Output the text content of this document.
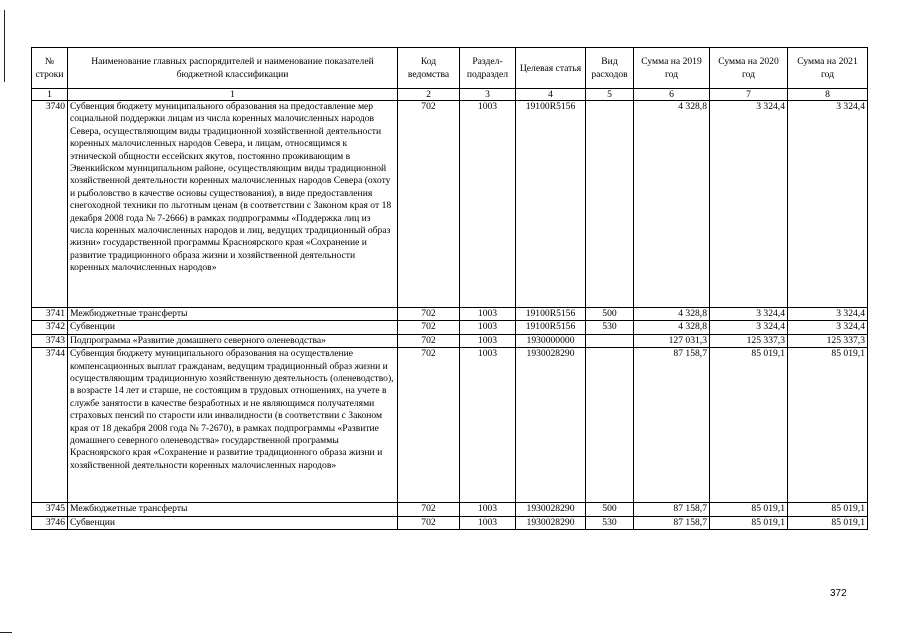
№ строки	Наименование главных распорядителей и наименование показателей бюджетной классификации	Код ведомства	Раздел-подраздел	Целевая статья	Вид расходов	Сумма на 2019 год	Сумма на 2020 год	Сумма на 2021 год
1	1	2	3	4	5	6	7	8
3740	Субвенция бюджету муниципального образования на предоставление мер социальной поддержки лицам из числа коренных малочисленных народов Севера, осуществляющим виды традиционной хозяйственной деятельности коренных малочисленных народов Севера, и лицам, относящимся к этнической общности ессейских якутов, постоянно проживающим в Эвенкийском муниципальном районе, осуществляющим виды традиционной хозяйственной деятельности коренных малочисленных народов Севера (охоту и рыболовство в качестве основы существования), в виде предоставления снегоходной техники по льготным ценам (в соответствии с Законом края от 18 декабря 2008 года № 7-2666) в рамках подпрограммы «Поддержка лиц из числа коренных малочисленных народов и лиц, ведущих традиционный образ жизни» государственной программы Красноярского края «Сохранение и развитие традиционного образа жизни и хозяйственной деятельности коренных малочисленных народов»	702	1003	19100R5156		4 328,8	3 324,4	3 324,4
3741	Межбюджетные трансферты	702	1003	19100R5156	500	4 328,8	3 324,4	3 324,4
3742	Субвенции	702	1003	19100R5156	530	4 328,8	3 324,4	3 324,4
3743	Подпрограмма «Развитие домашнего северного оленеводства»	702	1003	1930000000		127 031,3	125 337,3	125 337,3
3744	Субвенция бюджету муниципального образования на осуществление компенсационных выплат гражданам, ведущим традиционный образ жизни и осуществляющим традиционную хозяйственную деятельность (оленеводство), в возрасте 14 лет и старше, не состоящим в трудовых отношениях, на учете в службе занятости в качестве безработных и не являющимся получателями страховых пенсий по старости или инвалидности (в соответствии с Законом края от 18 декабря 2008 года № 7-2670), в рамках подпрограммы «Развитие домашнего северного оленеводства» государственной программы Красноярского края «Сохранение и развитие традиционного образа жизни и хозяйственной деятельности коренных малочисленных народов»	702	1003	1930028290		87 158,7	85 019,1	85 019,1
3745	Межбюджетные трансферты	702	1003	1930028290	500	87 158,7	85 019,1	85 019,1
3746	Субвенции	702	1003	1930028290	530	87 158,7	85 019,1	85 019,1
372
